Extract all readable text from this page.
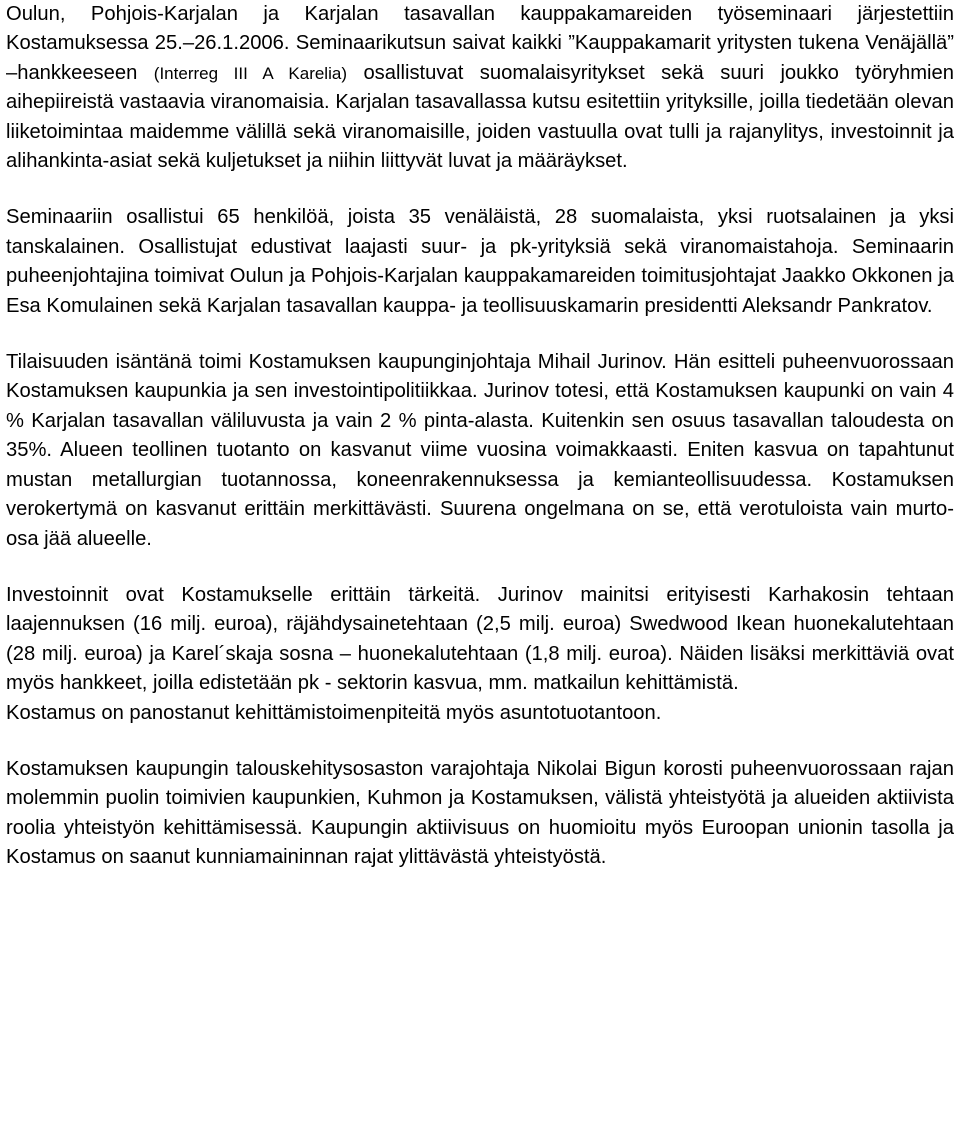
Oulun, Pohjois-Karjalan ja Karjalan tasavallan kauppakamareiden työseminaari järjestettiin Kostamuksessa 25.–26.1.2006. Seminaarikutsun saivat kaikki ”Kauppakamarit yritysten tukena Venäjällä” –hankkeeseen (Interreg III A Karelia) osallistuvat suomalaisyritykset sekä suuri joukko työryhmien aihepiireistä vastaavia viranomaisia. Karjalan tasavallassa kutsu esitettiin yrityksille, joilla tiedetään olevan liiketoimintaa maidemme välillä sekä viranomaisille, joiden vastuulla ovat tulli ja rajanylitys, investoinnit ja alihankinta-asiat sekä kuljetukset ja niihin liittyvät luvat ja määräykset.

Seminaariin osallistui 65 henkilöä, joista 35 venäläistä, 28 suomalaista, yksi ruotsalainen ja yksi tanskalainen. Osallistujat edustivat laajasti suur- ja pk-yrityksiä sekä viranomaistahoja. Seminaarin puheenjohtajina toimivat Oulun ja Pohjois-Karjalan kauppakamareiden toimitusjohtajat Jaakko Okkonen ja Esa Komulainen sekä Karjalan tasavallan kauppa- ja teollisuuskamarin presidentti Aleksandr Pankratov.

Tilaisuuden isäntänä toimi Kostamuksen kaupunginjohtaja Mihail Jurinov. Hän esitteli puheenvuorossaan Kostamuksen kaupunkia ja sen investointipolitiikkaa. Jurinov totesi, että Kostamuksen kaupunki on vain 4 % Karjalan tasavallan väliluvusta ja vain 2 % pinta-alasta. Kuitenkin sen osuus tasavallan taloudesta on 35%. Alueen teollinen tuotanto on kasvanut viime vuosina voimakkaasti. Eniten kasvua on tapahtunut mustan metallurgian tuotannossa, koneenrakennuksessa ja kemianteollisuudessa. Kostamuksen verokertymä on kasvanut erittäin merkittävästi. Suurena ongelmana on se, että verotuloista vain murto-osa jää alueelle.

Investoinnit ovat Kostamukselle erittäin tärkeitä. Jurinov mainitsi erityisesti Karhakosin tehtaan laajennuksen (16 milj. euroa), räjähdysainetehtaan (2,5 milj. euroa) Swedwood Ikean huonekalutehtaan (28 milj. euroa) ja Karel´skaja sosna – huonekalutehtaan (1,8 milj. euroa). Näiden lisäksi merkittäviä ovat myös hankkeet, joilla edistetään pk - sektorin kasvua, mm. matkailun kehittämistä.

Kostamus on panostanut kehittämistoimenpiteitä myös asuntotuotantoon.

Kostamuksen kaupungin talouskehitysosaston varajohtaja Nikolai Bigun korosti puheenvuorossaan rajan molemmin puolin toimivien kaupunkien, Kuhmon ja Kostamuksen, välistä yhteistyötä ja alueiden aktiivista roolia yhteistyön kehittämisessä. Kaupungin aktiivisuus on huomioitu myös Euroopan unionin tasolla ja Kostamus on saanut kunniamaininnan rajat ylittävästä yhteistyöstä.
